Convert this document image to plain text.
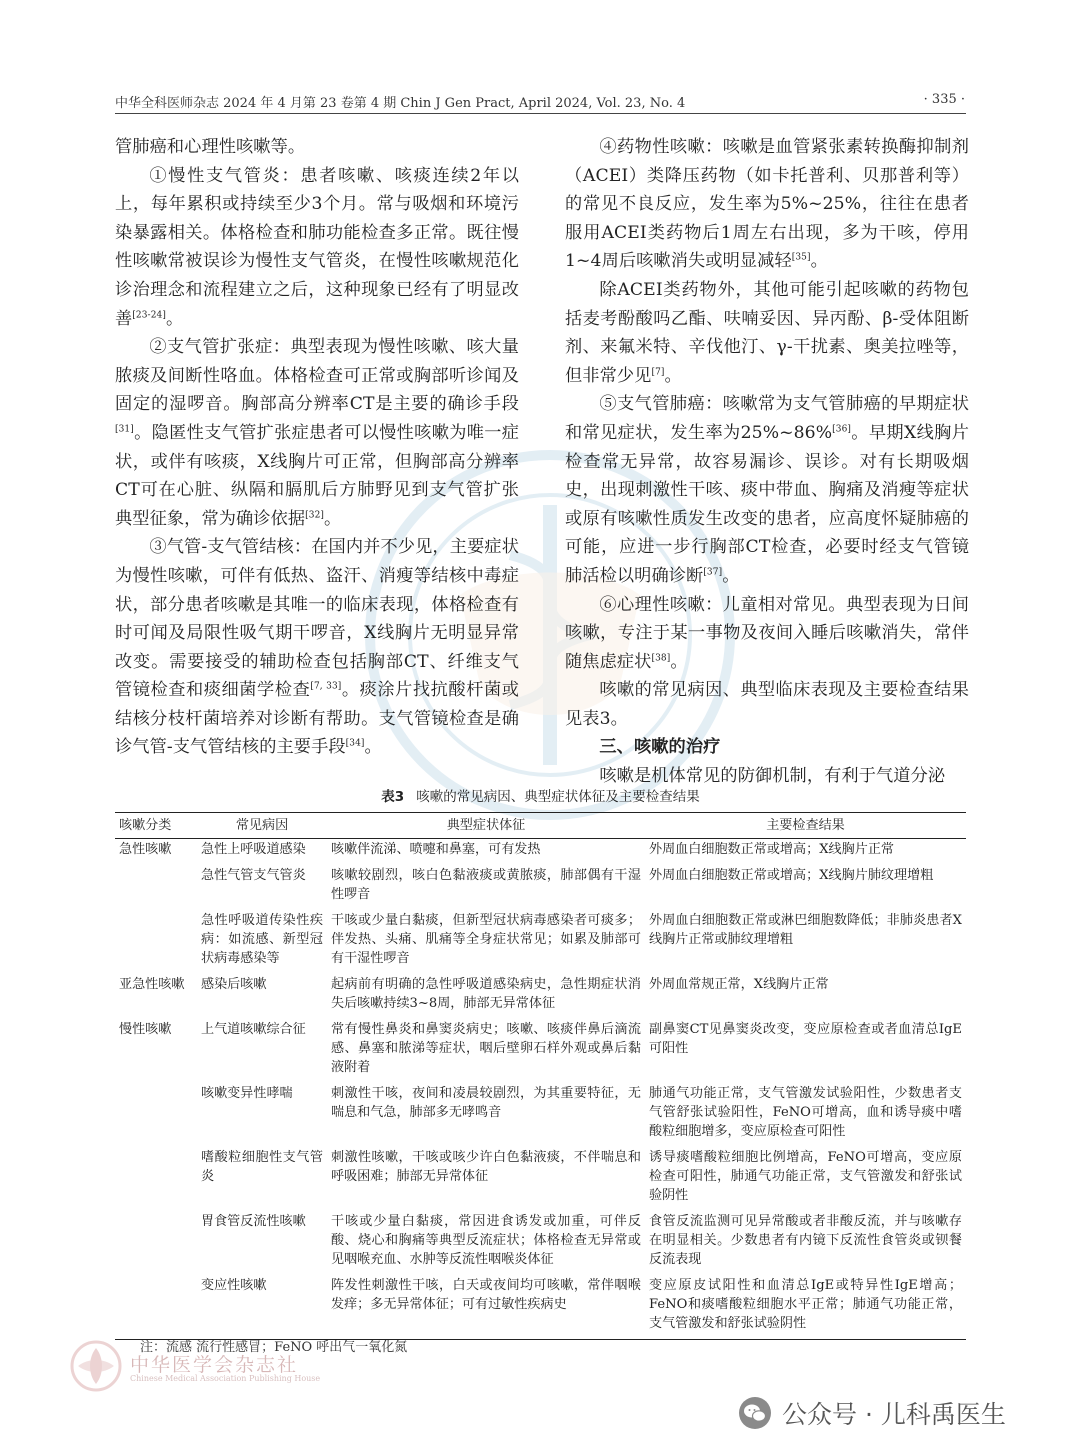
中华全科医师杂志 2024 年 4 月第 23 卷第 4 期 Chin J Gen Pract, April 2024, Vol. 23, No. 4	· 335 ·

管肺癌和心理性咳嗽等。

①慢性支气管炎：患者咳嗽、咳痰连续2年以上，每年累积或持续至少3个月。常与吸烟和环境污染暴露相关。体格检查和肺功能检查多正常。既往慢性咳嗽常被误诊为慢性支气管炎，在慢性咳嗽规范化诊治理念和流程建立之后，这种现象已经有了明显改善[23-24]。

②支气管扩张症：典型表现为慢性咳嗽、咳大量脓痰及间断性咯血。体格检查可正常或胸部听诊闻及固定的湿啰音。胸部高分辨率CT是主要的确诊手段[31]。隐匿性支气管扩张症患者可以慢性咳嗽为唯一症状，或伴有咳痰，X线胸片可正常，但胸部高分辨率CT可在心脏、纵隔和膈肌后方肺野见到支气管扩张典型征象，常为确诊依据[32]。

③气管-支气管结核：在国内并不少见，主要症状为慢性咳嗽，可伴有低热、盗汗、消瘦等结核中毒症状，部分患者咳嗽是其唯一的临床表现，体格检查有时可闻及局限性吸气期干啰音，X线胸片无明显异常改变。需要接受的辅助检查包括胸部CT、纤维支气管镜检查和痰细菌学检查[7, 33]。痰涂片找抗酸杆菌或结核分枝杆菌培养对诊断有帮助。支气管镜检查是确诊气管-支气管结核的主要手段[34]。

④药物性咳嗽：咳嗽是血管紧张素转换酶抑制剂（ACEI）类降压药物（如卡托普利、贝那普利等）的常见不良反应，发生率为5%~25%，往往在患者服用ACEI类药物后1周左右出现，多为干咳，停用1~4周后咳嗽消失或明显减轻[35]。

除ACEI类药物外，其他可能引起咳嗽的药物包括麦考酚酸吗乙酯、呋喃妥因、异丙酚、β-受体阻断剂、来氟米特、辛伐他汀、γ-干扰素、奥美拉唑等，但非常少见[7]。

⑤支气管肺癌：咳嗽常为支气管肺癌的早期症状和常见症状，发生率为25%~86%[36]。早期X线胸片检查常无异常，故容易漏诊、误诊。对有长期吸烟史，出现刺激性干咳、痰中带血、胸痛及消瘦等症状或原有咳嗽性质发生改变的患者，应高度怀疑肺癌的可能，应进一步行胸部CT检查，必要时经支气管镜肺活检以明确诊断[37]。

⑥心理性咳嗽：儿童相对常见。典型表现为日间咳嗽，专注于某一事物及夜间入睡后咳嗽消失，常伴随焦虑症状[38]。

咳嗽的常见病因、典型临床表现及主要检查结果见表3。

三、咳嗽的治疗

咳嗽是机体常见的防御机制，有利于气道分泌

表3 咳嗽的常见病因、典型症状体征及主要检查结果
咳嗽分类	常见病因	典型症状体征	主要检查结果
急性咳嗽	急性上呼吸道感染	咳嗽伴流涕、喷嚏和鼻塞，可有发热	外周血白细胞数正常或增高；X线胸片正常
	急性气管支气管炎	咳嗽较剧烈，咳白色黏液痰或黄脓痰，肺部偶有干湿性啰音	外周血白细胞数正常或增高；X线胸片肺纹理增粗
	急性呼吸道传染性疾病：如流感、新型冠状病毒感染等	干咳或少量白黏痰，但新型冠状病毒感染者可痰多；伴发热、头痛、肌痛等全身症状常见；如累及肺部可有干湿性啰音	外周血白细胞数正常或淋巴细胞数降低；非肺炎患者X线胸片正常或肺纹理增粗
亚急性咳嗽	感染后咳嗽	起病前有明确的急性呼吸道感染病史，急性期症状消失后咳嗽持续3~8周，肺部无异常体征	外周血常规正常，X线胸片正常
慢性咳嗽	上气道咳嗽综合征	常有慢性鼻炎和鼻窦炎病史；咳嗽、咳痰伴鼻后滴流感、鼻塞和脓涕等症状，咽后壁卵石样外观或鼻后黏液附着	副鼻窦CT见鼻窦炎改变，变应原检查或者血清总IgE可阳性
	咳嗽变异性哮喘	刺激性干咳，夜间和凌晨较剧烈，为其重要特征，无喘息和气急，肺部多无哮鸣音	肺通气功能正常，支气管激发试验阳性，少数患者支气管舒张试验阳性，FeNO可增高，血和诱导痰中嗜酸粒细胞增多，变应原检查可阳性
	嗜酸粒细胞性支气管炎	刺激性咳嗽，干咳或咳少许白色黏液痰，不伴喘息和呼吸困难；肺部无异常体征	诱导痰嗜酸粒细胞比例增高，FeNO可增高，变应原检查可阳性，肺通气功能正常，支气管激发和舒张试验阴性
	胃食管反流性咳嗽	干咳或少量白黏痰，常因进食诱发或加重，可伴反酸、烧心和胸痛等典型反流症状；体格检查无异常或见咽喉充血、水肿等反流性咽喉炎体征	食管反流监测可见异常酸或者非酸反流，并与咳嗽存在明显相关。少数患者有内镜下反流性食管炎或钡餐反流表现
	变应性咳嗽	阵发性刺激性干咳，白天或夜间均可咳嗽，常伴咽喉发痒；多无异常体征；可有过敏性疾病史	变应原皮试阳性和血清总IgE或特异性IgE增高；FeNO和痰嗜酸粒细胞水平正常；肺通气功能正常，支气管激发和舒张试验阴性
注：流感 流行性感冒；FeNO 呼出气一氧化氮
中华医学会杂志社
Chinese Medical Association Publishing House
公众号 · 儿科禹医生
